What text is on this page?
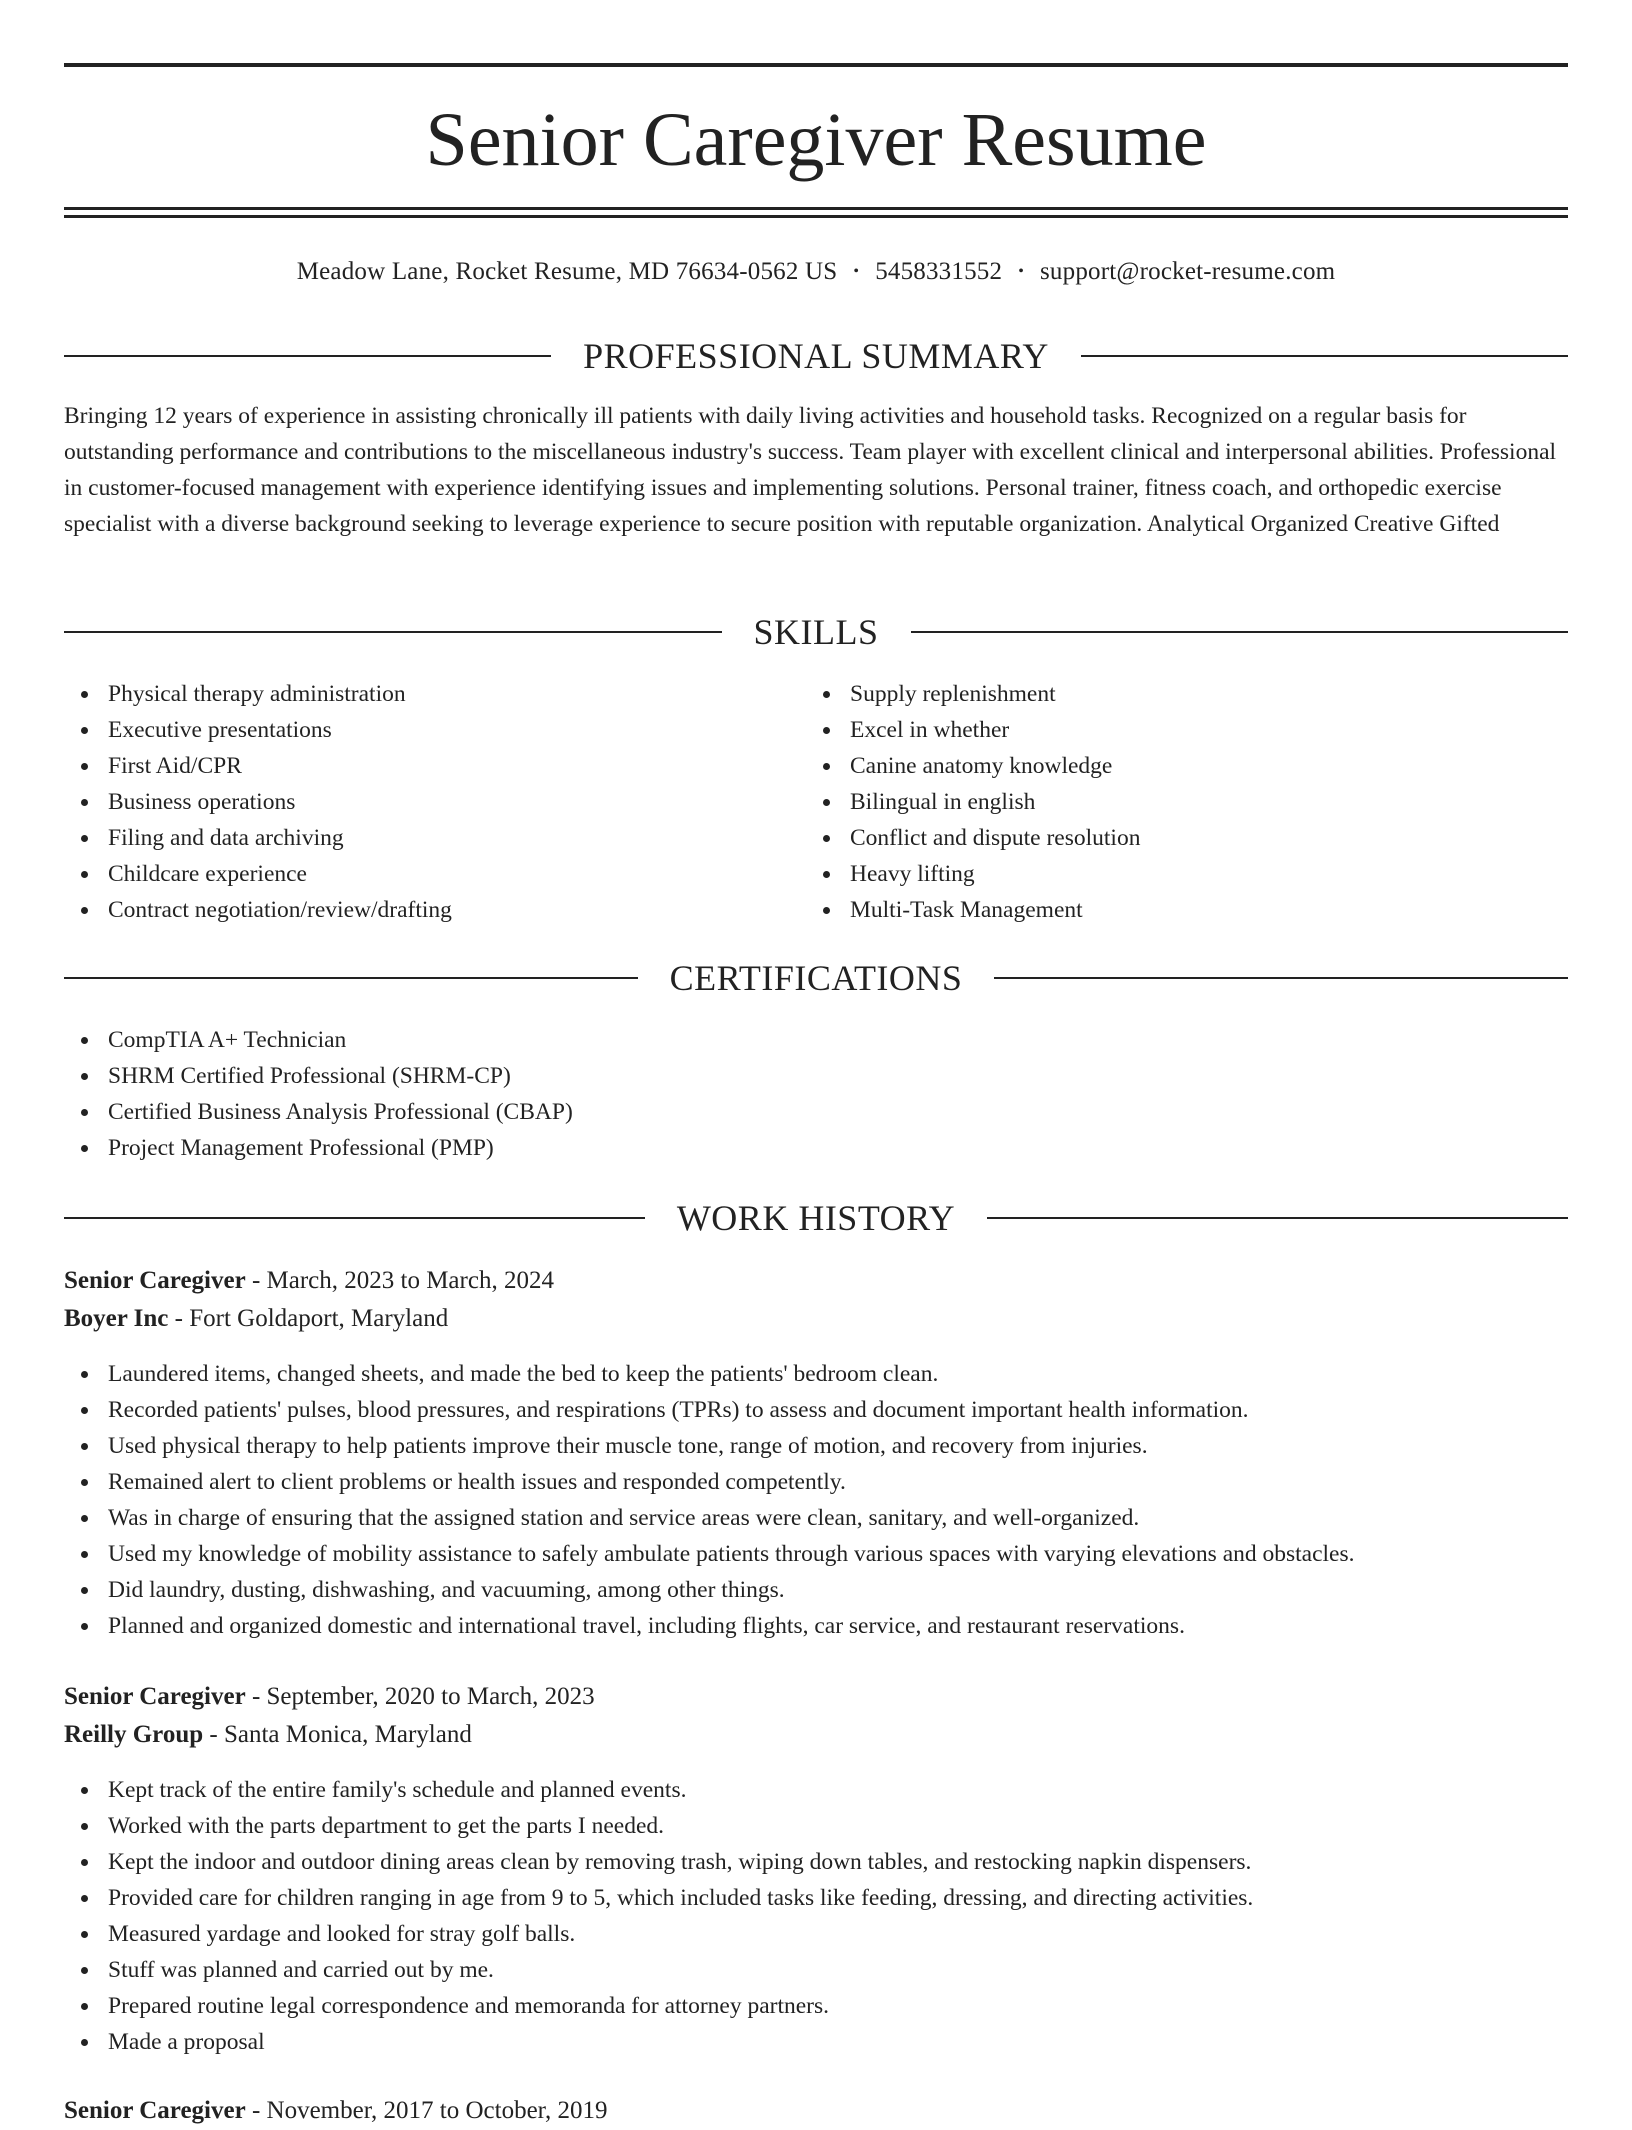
Senior Caregiver Resume
Meadow Lane, Rocket Resume, MD 76634-0562 US • 5458331552 • support@rocket-resume.com
PROFESSIONAL SUMMARY

Bringing 12 years of experience in assisting chronically ill patients with daily living activities and household tasks. Recognized on a regular basis for outstanding performance and contributions to the miscellaneous industry's success. Team player with excellent clinical and interpersonal abilities. Professional in customer-focused management with experience identifying issues and implementing solutions. Personal trainer, fitness coach, and orthopedic exercise specialist with a diverse background seeking to leverage experience to secure position with reputable organization. Analytical Organized Creative Gifted

SKILLS
Physical therapy administration
Executive presentations
First Aid/CPR
Business operations
Filing and data archiving
Childcare experience
Contract negotiation/review/drafting
Supply replenishment
Excel in whether
Canine anatomy knowledge
Bilingual in english
Conflict and dispute resolution
Heavy lifting
Multi-Task Management
CERTIFICATIONS
CompTIA A+ Technician
SHRM Certified Professional (SHRM-CP)
Certified Business Analysis Professional (CBAP)
Project Management Professional (PMP)
WORK HISTORY
Senior Caregiver - March, 2023 to March, 2024
Boyer Inc - Fort Goldaport, Maryland
Laundered items, changed sheets, and made the bed to keep the patients' bedroom clean.
Recorded patients' pulses, blood pressures, and respirations (TPRs) to assess and document important health information.
Used physical therapy to help patients improve their muscle tone, range of motion, and recovery from injuries.
Remained alert to client problems or health issues and responded competently.
Was in charge of ensuring that the assigned station and service areas were clean, sanitary, and well-organized.
Used my knowledge of mobility assistance to safely ambulate patients through various spaces with varying elevations and obstacles.
Did laundry, dusting, dishwashing, and vacuuming, among other things.
Planned and organized domestic and international travel, including flights, car service, and restaurant reservations.
Senior Caregiver - September, 2020 to March, 2023
Reilly Group - Santa Monica, Maryland
Kept track of the entire family's schedule and planned events.
Worked with the parts department to get the parts I needed.
Kept the indoor and outdoor dining areas clean by removing trash, wiping down tables, and restocking napkin dispensers.
Provided care for children ranging in age from 9 to 5, which included tasks like feeding, dressing, and directing activities.
Measured yardage and looked for stray golf balls.
Stuff was planned and carried out by me.
Prepared routine legal correspondence and memoranda for attorney partners.
Made a proposal
Senior Caregiver - November, 2017 to October, 2019
